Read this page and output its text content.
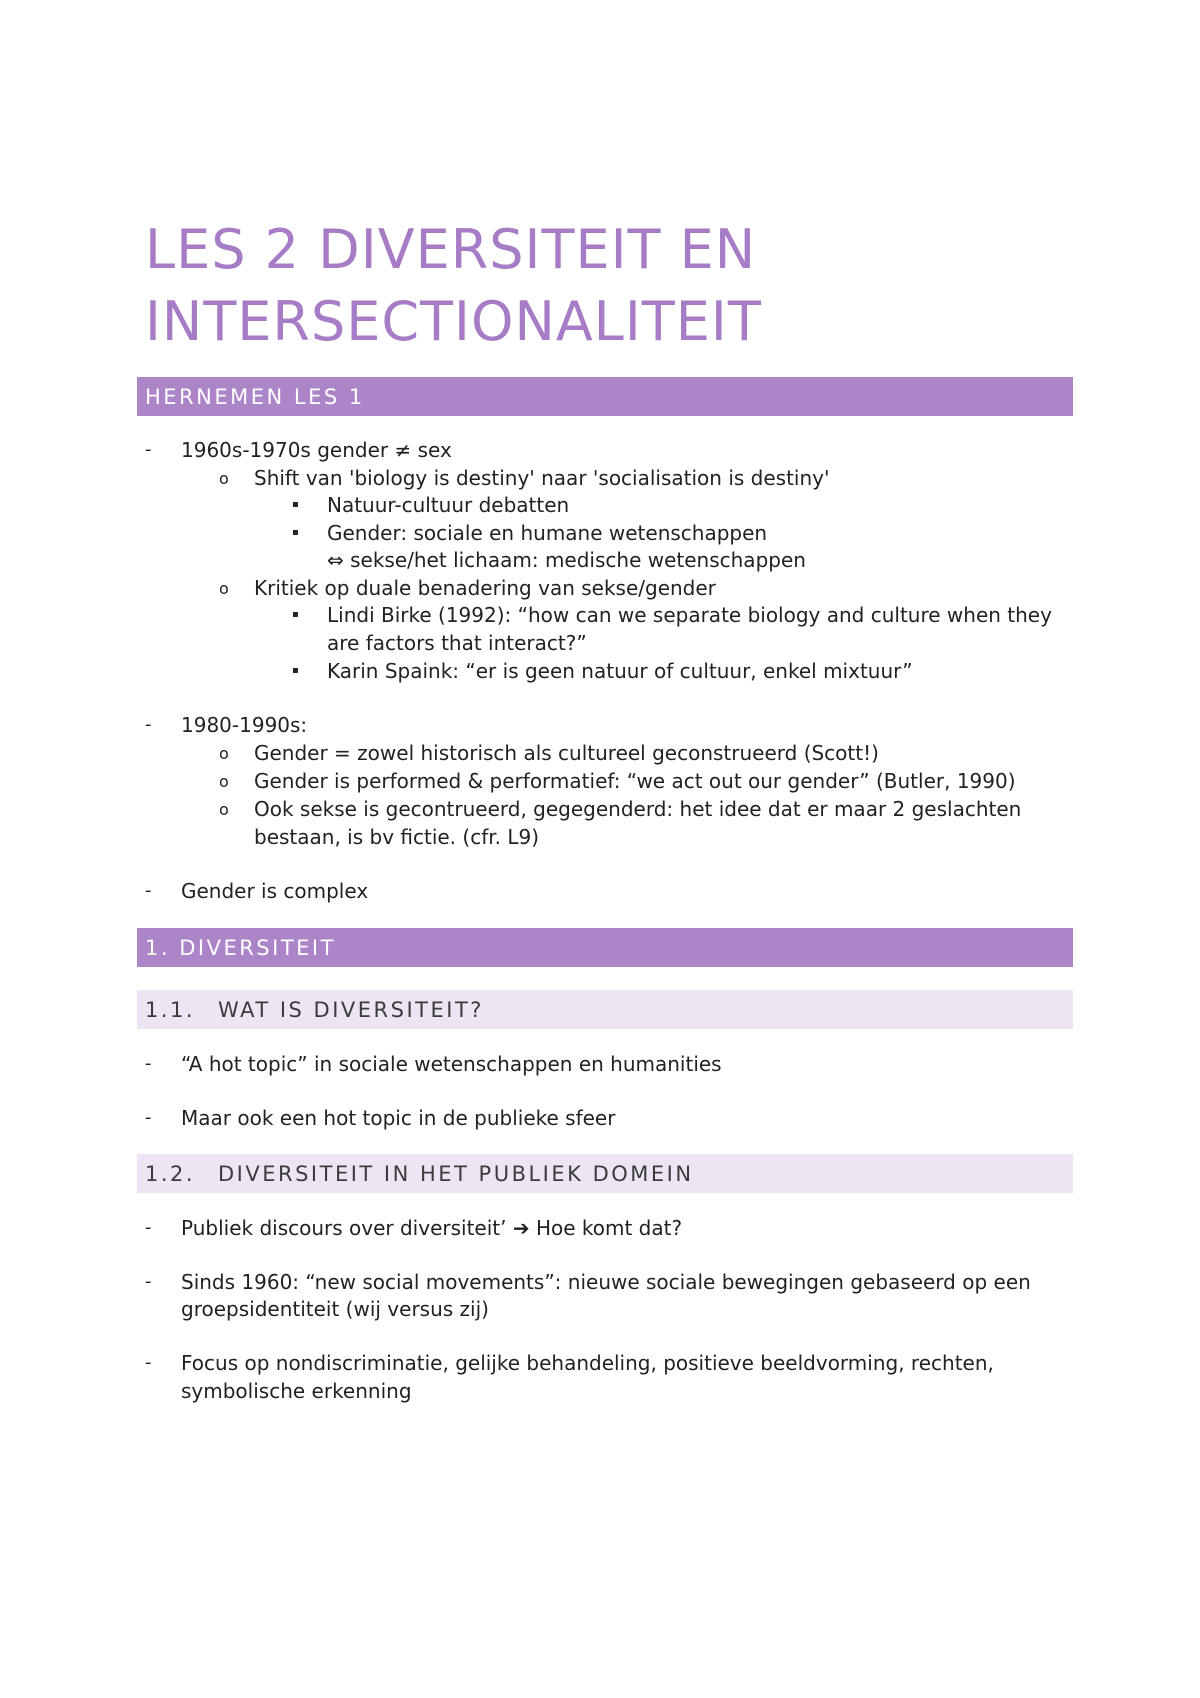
LES 2 DIVERSITEIT EN
INTERSECTIONALITEIT
HERNEMEN LES 1
- 1960s-1970s gender ≠ sex
o Shift van 'biology is destiny' naar 'socialisation is destiny'
▪ Natuur-cultuur debatten
▪ Gender: sociale en humane wetenschappen
⇔ sekse/het lichaam: medische wetenschappen
o Kritiek op duale benadering van sekse/gender
▪ Lindi Birke (1992): “how can we separate biology and culture when they
are factors that interact?”
▪ Karin Spaink: “er is geen natuur of cultuur, enkel mixtuur”
- 1980-1990s:
o Gender = zowel historisch als cultureel geconstrueerd (Scott!)
o Gender is performed & performatief: “we act out our gender” (Butler, 1990)
o Ook sekse is gecontrueerd, gegegenderd: het idee dat er maar 2 geslachten
bestaan, is bv fictie. (cfr. L9)
- Gender is complex
1. DIVERSITEIT
1.1.	WAT IS DIVERSITEIT?
- “A hot topic” in sociale wetenschappen en humanities
- Maar ook een hot topic in de publieke sfeer
1.2.	DIVERSITEIT IN HET PUBLIEK DOMEIN
- Publiek discours over diversiteit’ ➔ Hoe komt dat?
- Sinds 1960: “new social movements”: nieuwe sociale bewegingen gebaseerd op een
groepsidentiteit (wij versus zij)
- Focus op nondiscriminatie, gelijke behandeling, positieve beeldvorming, rechten,
symbolische erkenning
